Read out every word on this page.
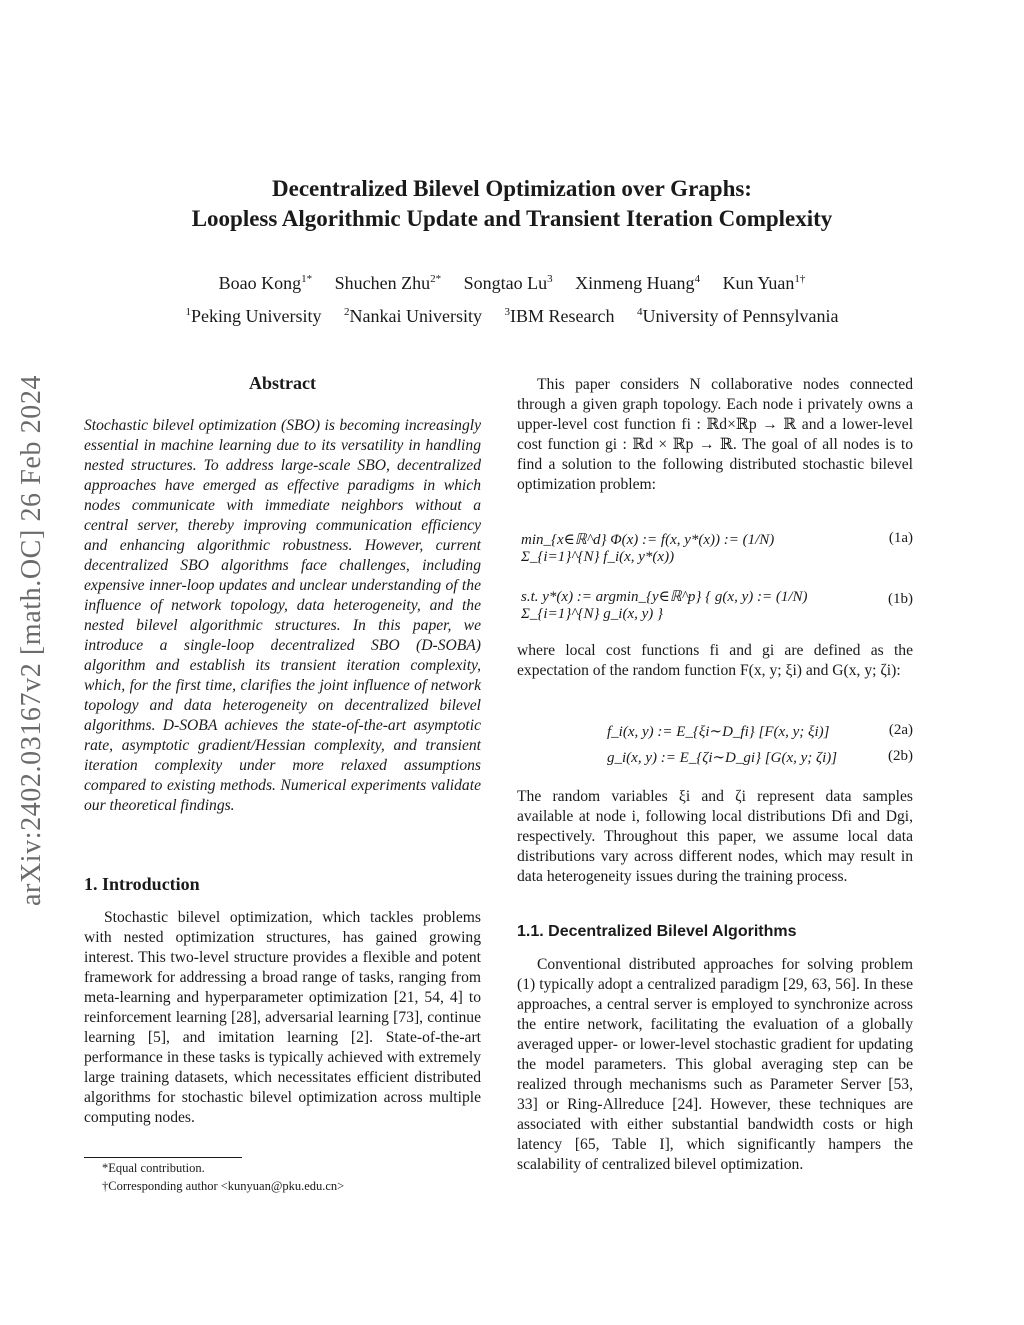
arXiv:2402.03167v2 [math.OC] 26 Feb 2024
Decentralized Bilevel Optimization over Graphs:
Loopless Algorithmic Update and Transient Iteration Complexity
Boao Kong$^{1*}$ Shuchen Zhu$^{2*}$ Songtao Lu$^3$ Xinmeng Huang$^4$ Kun Yuan$^{1\dagger}$
$^1$Peking University $^2$Nankai University $^3$IBM Research $^4$University of Pennsylvania
Abstract
Stochastic bilevel optimization (SBO) is becoming increasingly essential in machine learning due to its versatility in handling nested structures. To address large-scale SBO, decentralized approaches have emerged as effective paradigms in which nodes communicate with immediate neighbors without a central server, thereby improving communication efficiency and enhancing algorithmic robustness. However, current decentralized SBO algorithms face challenges, including expensive inner-loop updates and unclear understanding of the influence of network topology, data heterogeneity, and the nested bilevel algorithmic structures. In this paper, we introduce a single-loop decentralized SBO (D-SOBA) algorithm and establish its transient iteration complexity, which, for the first time, clarifies the joint influence of network topology and data heterogeneity on decentralized bilevel algorithms. D-SOBA achieves the state-of-the-art asymptotic rate, asymptotic gradient/Hessian complexity, and transient iteration complexity under more relaxed assumptions compared to existing methods. Numerical experiments validate our theoretical findings.
1. Introduction
Stochastic bilevel optimization, which tackles problems with nested optimization structures, has gained growing interest. This two-level structure provides a flexible and potent framework for addressing a broad range of tasks, ranging from meta-learning and hyperparameter optimization [21, 54, 4] to reinforcement learning [28], adversarial learning [73], continue learning [5], and imitation learning [2]. State-of-the-art performance in these tasks is typically achieved with extremely large training datasets, which necessitates efficient distributed algorithms for stochastic bilevel optimization across multiple computing nodes.
*Equal contribution.
†Corresponding author <kunyuan@pku.edu.cn>
This paper considers N collaborative nodes connected through a given graph topology. Each node i privately owns a upper-level cost function fi : ℝd×ℝp → ℝ and a lower-level cost function gi : ℝd × ℝp → ℝ. The goal of all nodes is to find a solution to the following distributed stochastic bilevel optimization problem:
min_{x∈ℝ^d} Φ(x) := f(x, y*(x)) := (1/N) Σ_{i=1}^{N} f_i(x, y*(x))
(1a)
s.t. y*(x) := argmin_{y∈ℝ^p} { g(x, y) := (1/N) Σ_{i=1}^{N} g_i(x, y) }
(1b)
where local cost functions fi and gi are defined as the expectation of the random function F(x, y; ξi) and G(x, y; ζi):
f_i(x, y) := E_{ξi∼D_fi} [F(x, y; ξi)]	(2a)
g_i(x, y) := E_{ζi∼D_gi} [G(x, y; ζi)]	(2b)
The random variables ξi and ζi represent data samples available at node i, following local distributions Dfi and Dgi, respectively. Throughout this paper, we assume local data distributions vary across different nodes, which may result in data heterogeneity issues during the training process.
1.1. Decentralized Bilevel Algorithms
Conventional distributed approaches for solving problem (1) typically adopt a centralized paradigm [29, 63, 56]. In these approaches, a central server is employed to synchronize across the entire network, facilitating the evaluation of a globally averaged upper- or lower-level stochastic gradient for updating the model parameters. This global averaging step can be realized through mechanisms such as Parameter Server [53, 33] or Ring-Allreduce [24]. However, these techniques are associated with either substantial bandwidth costs or high latency [65, Table I], which significantly hampers the scalability of centralized bilevel optimization.
